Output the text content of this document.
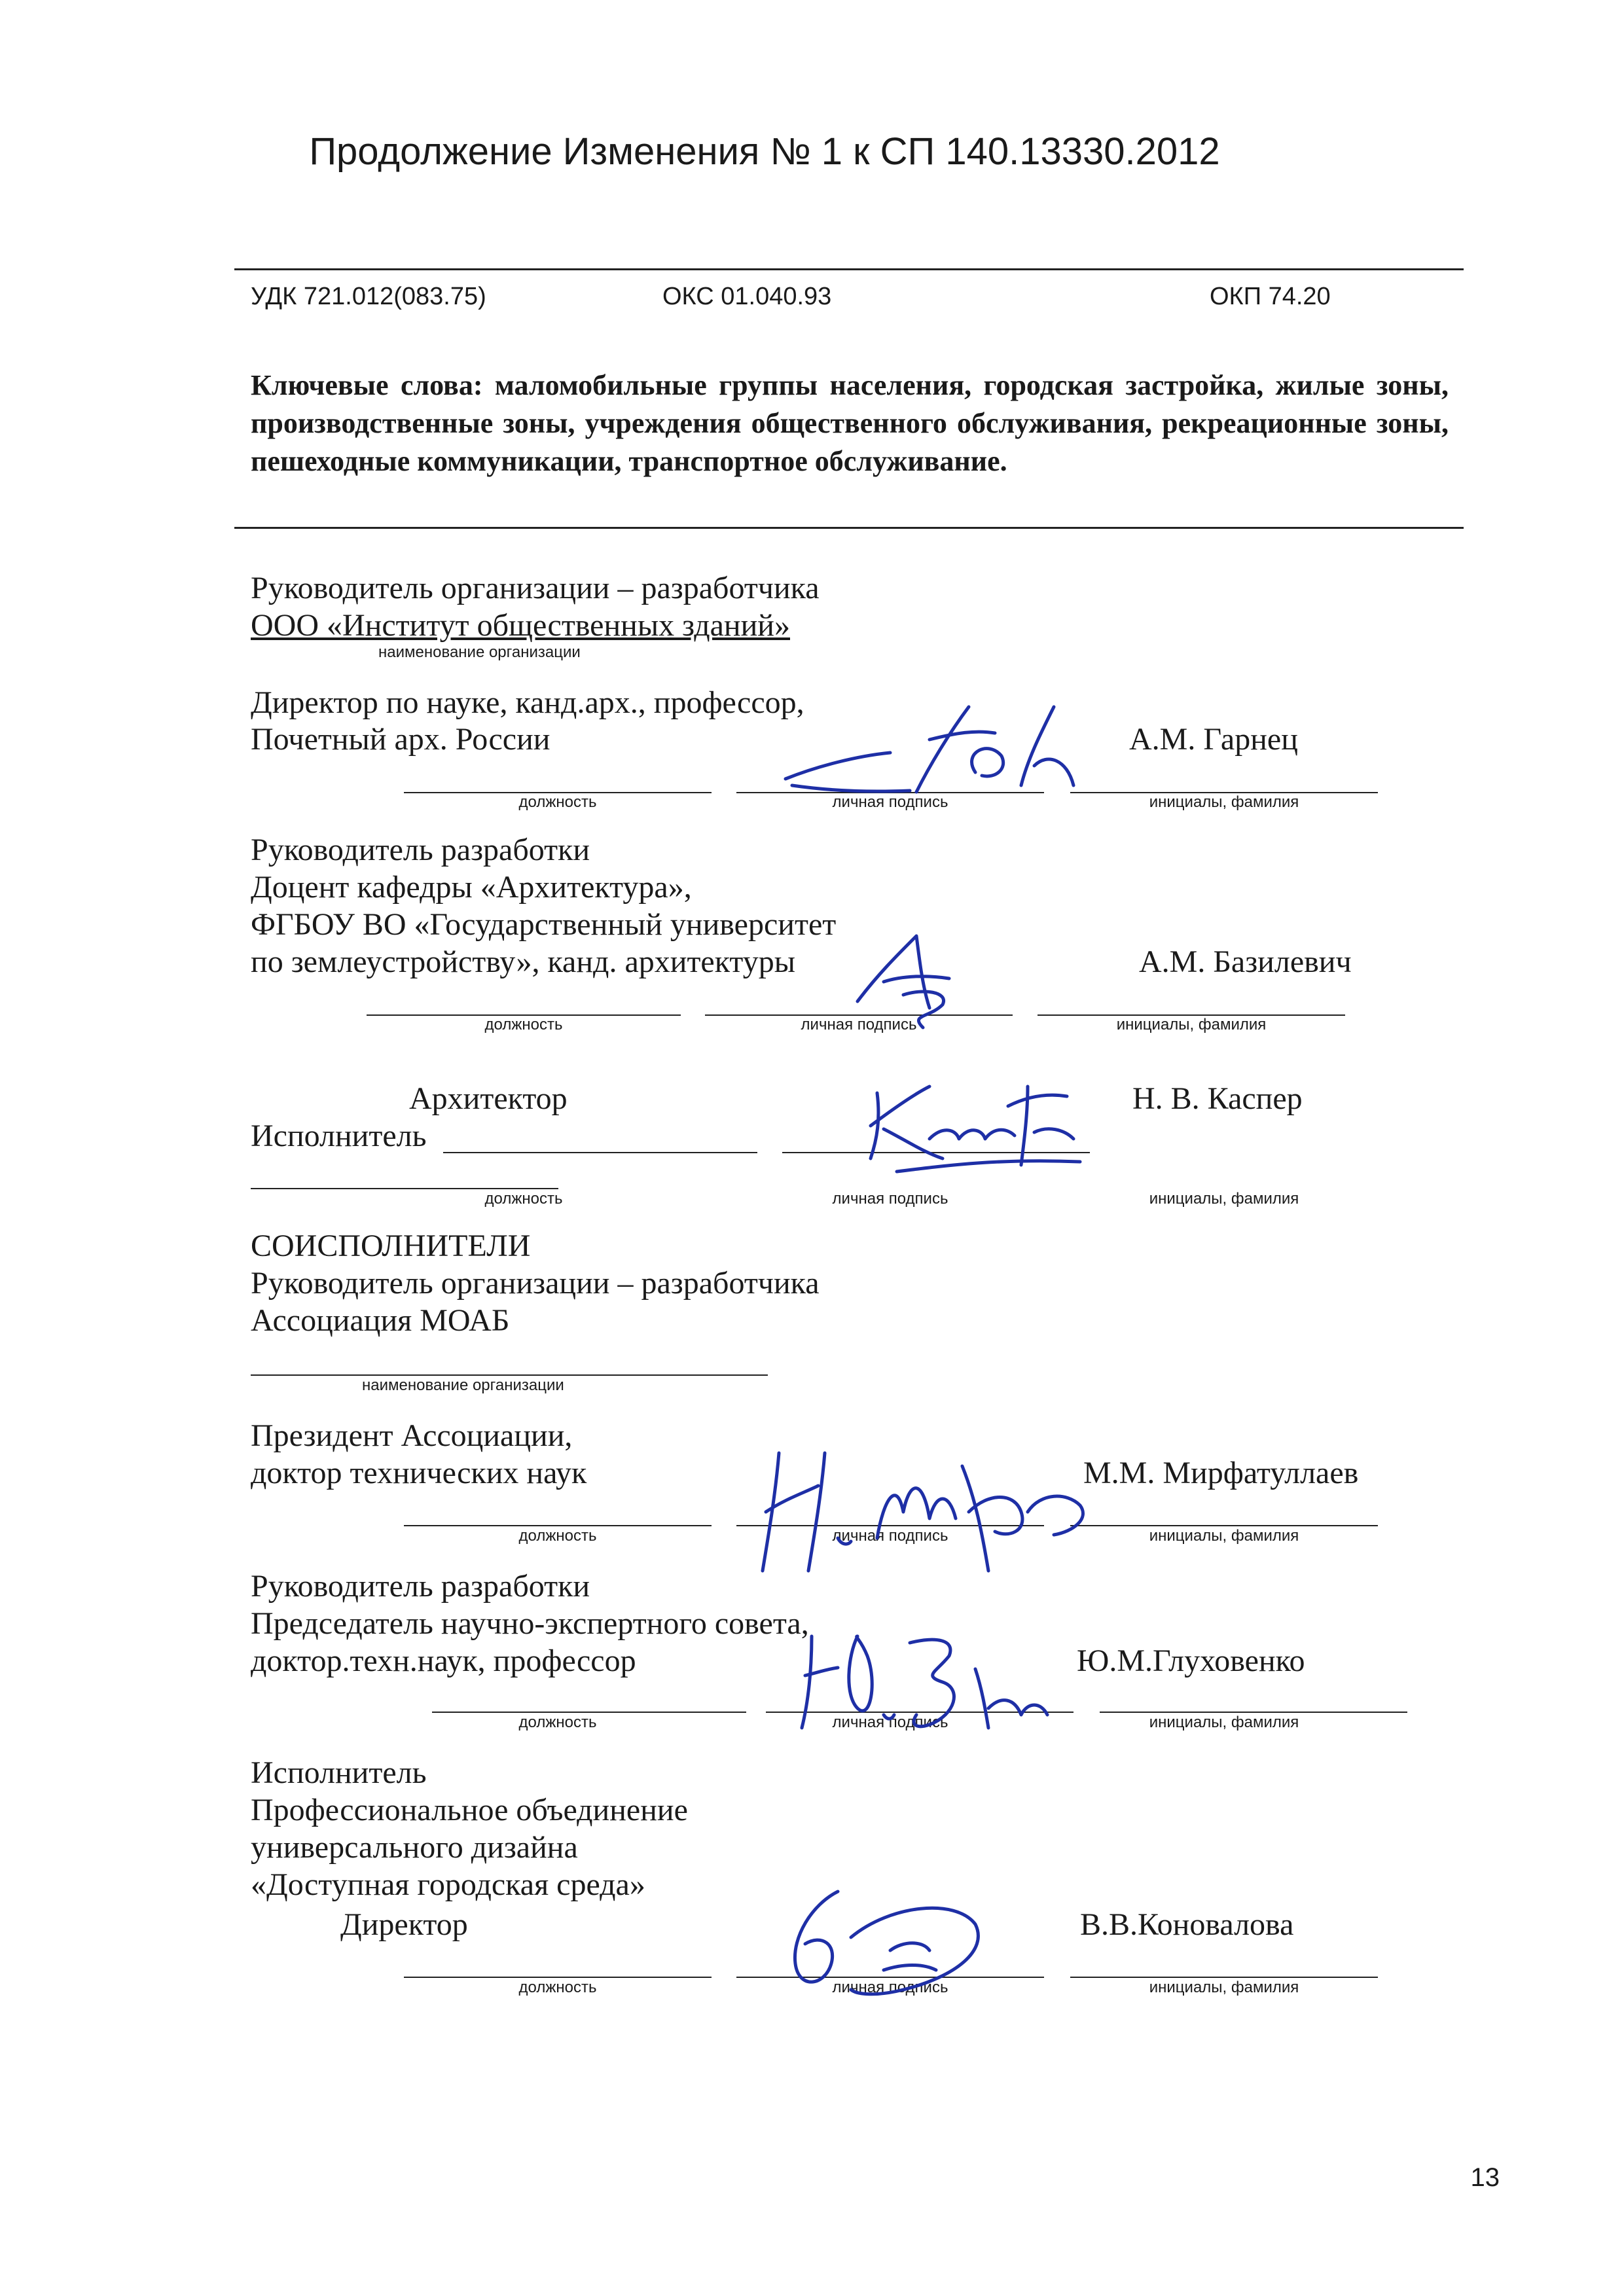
Продолжение Изменения № 1 к СП 140.13330.2012
УДК 721.012(083.75)	ОКС 01.040.93	ОКП 74.20
Ключевые слова: маломобильные группы населения, городская застройка, жилые зоны, производственные зоны, учреждения общественного обслуживания, рекреационные зоны, пешеходные коммуникации, транспортное обслуживание.
Руководитель организации – разработчика
ООО «Институт общественных зданий»
наименование организации
Директор по науке, канд.арх., профессор,
Почетный арх. России	А.М. Гарнец
должность	личная подпись	инициалы, фамилия
Руководитель разработки
Доцент кафедры «Архитектура»,
ФГБОУ ВО «Государственный университет
по землеустройству», канд. архитектуры	А.М. Базилевич
должность	личная подпись	инициалы, фамилия
Архитектор
Исполнитель
Н. В. Каспер
должность	личная подпись	инициалы, фамилия
СОИСПОЛНИТЕЛИ
Руководитель организации – разработчика
Ассоциация МОАБ
наименование организации
Президент Ассоциации,
доктор технических наук	М.М. Мирфатуллаев
должность	личная подпись	инициалы, фамилия
Руководитель разработки
Председатель научно-экспертного совета,
доктор.техн.наук, профессор	Ю.М.Глуховенко
должность	личная подпись	инициалы, фамилия
Исполнитель
Профессиональное объединение
универсального дизайна
«Доступная городская среда»
Директор	В.В.Коновалова
должность	личная подпись	инициалы, фамилия
13
